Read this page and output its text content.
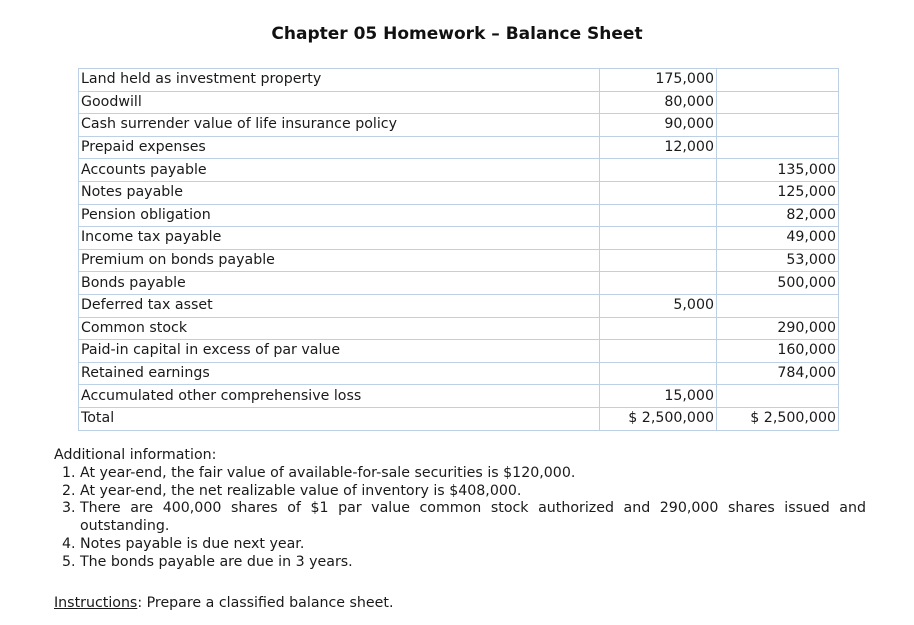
Chapter 05 Homework – Balance Sheet
Land held as investment property	175,000	
Goodwill	80,000	
Cash surrender value of life insurance policy	90,000	
Prepaid expenses	12,000	
Accounts payable		135,000
Notes payable		125,000
Pension obligation		82,000
Income tax payable		49,000
Premium on bonds payable		53,000
Bonds payable		500,000
Deferred tax asset	5,000	
Common stock		290,000
Paid-in capital in excess of par value		160,000
Retained earnings		784,000
Accumulated other comprehensive loss	15,000	
Total	$ 2,500,000	$ 2,500,000
Additional information:
1. At year-end, the fair value of available-for-sale securities is $120,000.
2. At year-end, the net realizable value of inventory is $408,000.
3. There are 400,000 shares of $1 par value common stock authorized and 290,000 shares issued and outstanding.
4. Notes payable is due next year.
5. The bonds payable are due in 3 years.
Instructions: Prepare a classified balance sheet.
